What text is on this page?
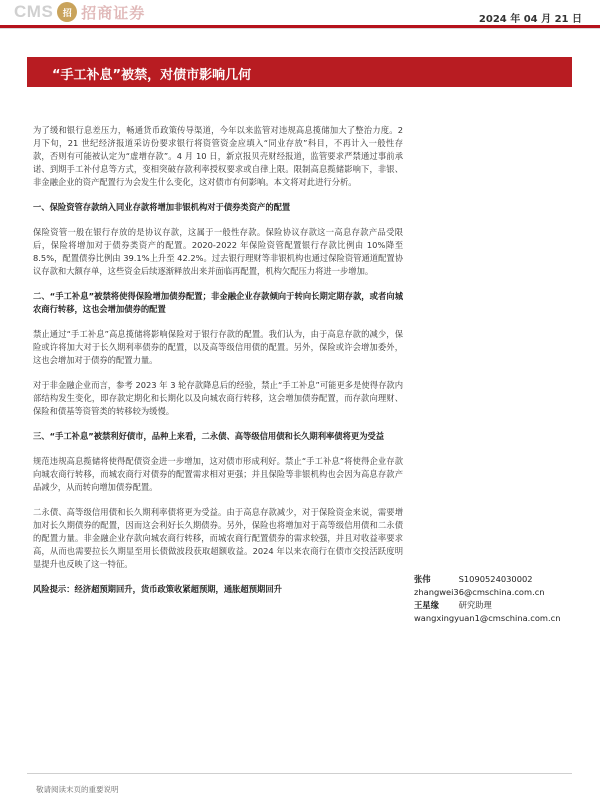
CMS	招 招商证券	2024 年 04 月 21 日
“手工补息”被禁，对债市影响几何

为了缓和银行息差压力，畅通货币政策传导渠道，今年以来监管对违规高息揽储加大了整治力度。2 月下旬，21 世纪经济报道采访份要求银行将资管资金应填入“同业存放”科目，不再计入一般性存款，否则有可能被认定为“虚增存款”。4 月 10 日，新京报贝壳财经报道，监管要求严禁通过事前承诺、到期手工补付息等方式，变相突破存款利率授权要求或自律上限。限制高息揽储影响下，非银、非金融企业的资产配置行为会发生什么变化，这对债市有何影响。本文将对此进行分析。

一、保险资管存款纳入同业存款将增加非银机构对于债券类资产的配置

保险资管一般在银行存放的是协议存款，这属于一般性存款。保险协议存款这一高息存款产品受限后，保险将增加对于债券类资产的配置。2020-2022 年保险资管配置银行存款比例由 10%降至 8.5%，配置债券比例由 39.1%上升至 42.2%。过去银行理财等非银机构也通过保险资管通道配置协议存款和大额存单，这些资金后续逐渐释放出来并面临再配置，机构欠配压力将进一步增加。

二、“手工补息”被禁将使得保险增加债券配置；非金融企业存款倾向于转向长期定期存款，或者向城农商行转移，这也会增加债券的配置

禁止通过“手工补息”高息揽储将影响保险对于银行存款的配置。我们认为，由于高息存款的减少，保险或许将加大对于长久期利率债券的配置，以及高等级信用债的配置。另外，保险或许会增加委外，这也会增加对于债券的配置力量。

对于非金融企业而言，参考 2023 年 3 轮存款降息后的经验，禁止“手工补息”可能更多是使得存款内部结构发生变化，即存款定期化和长期化以及向城农商行转移，这会增加债券配置，而存款向理财、保险和债基等资管类的转移较为缓慢。

三、“手工补息”被禁利好债市，品种上来看，二永债、高等级信用债和长久期利率债将更为受益

规范违规高息揽储将使得配债资金进一步增加，这对债市形成利好。禁止“手工补息”将使得企业存款向城农商行转移，而城农商行对债券的配置需求相对更强；并且保险等非银机构也会因为高息存款产品减少，从而转向增加债券配置。

二永债、高等级信用债和长久期利率债将更为受益。由于高息存款减少，对于保险资金来说，需要增加对长久期债券的配置，因而这会利好长久期债券。另外，保险也将增加对于高等级信用债和二永债的配置力量。非金融企业存款向城农商行转移，而城农商行配置债券的需求较强，并且对收益率要求高，从而也需要拉长久期显至用长债做波段获取超额收益。2024 年以来农商行在债市交投活跃度明显提升也反映了这一特征。

风险提示：经济超预期回升，货币政策收紧超预期，通胀超预期回升

张伟	S1090524030002
zhangwei36@cmschina.com.cn
王星缘 研究助理
wangxingyuan1@cmschina.com.cn
敬请阅读末页的重要说明
